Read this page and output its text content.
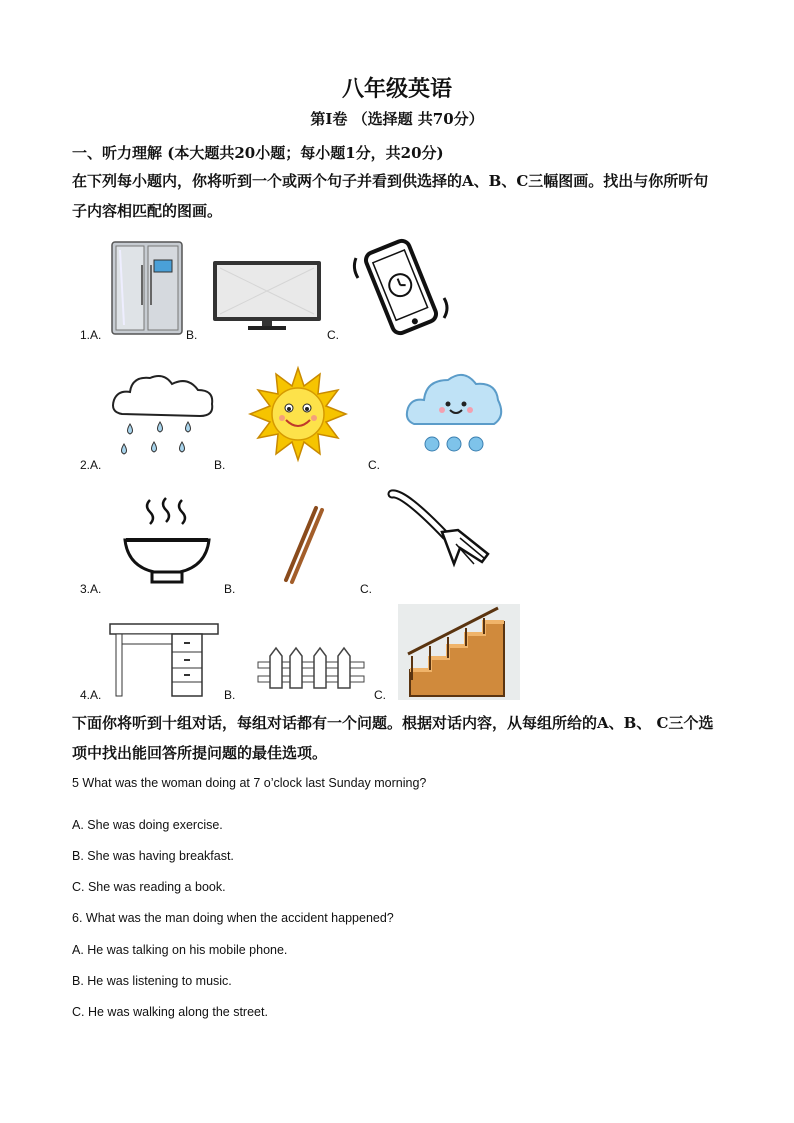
八年级英语
第Ⅰ卷 （选择题 共70分）
一、听力理解 (本大题共20小题；每小题1分，共20分)
在下列每小题内，你将听到一个或两个句子并看到供选择的A、B、C三幅图画。找出与你所听句子内容相匹配的图画。
1.A.	B.	C.
2.A.	B.	C.
3.A.	B.	C.
4.A.	B.	C.
下面你将听到十组对话，每组对话都有一个问题。根据对话内容，从每组所给的A、B、 C三个选项中找出能回答所提问题的最佳选项。
5 What was the woman doing at 7 o’clock last Sunday morning?
A. She was doing exercise.
B. She was having breakfast.
C. She was reading a book.
6. What was the man doing when the accident happened?
A. He was talking on his mobile phone.
B. He was listening to music.
C. He was walking along the street.
